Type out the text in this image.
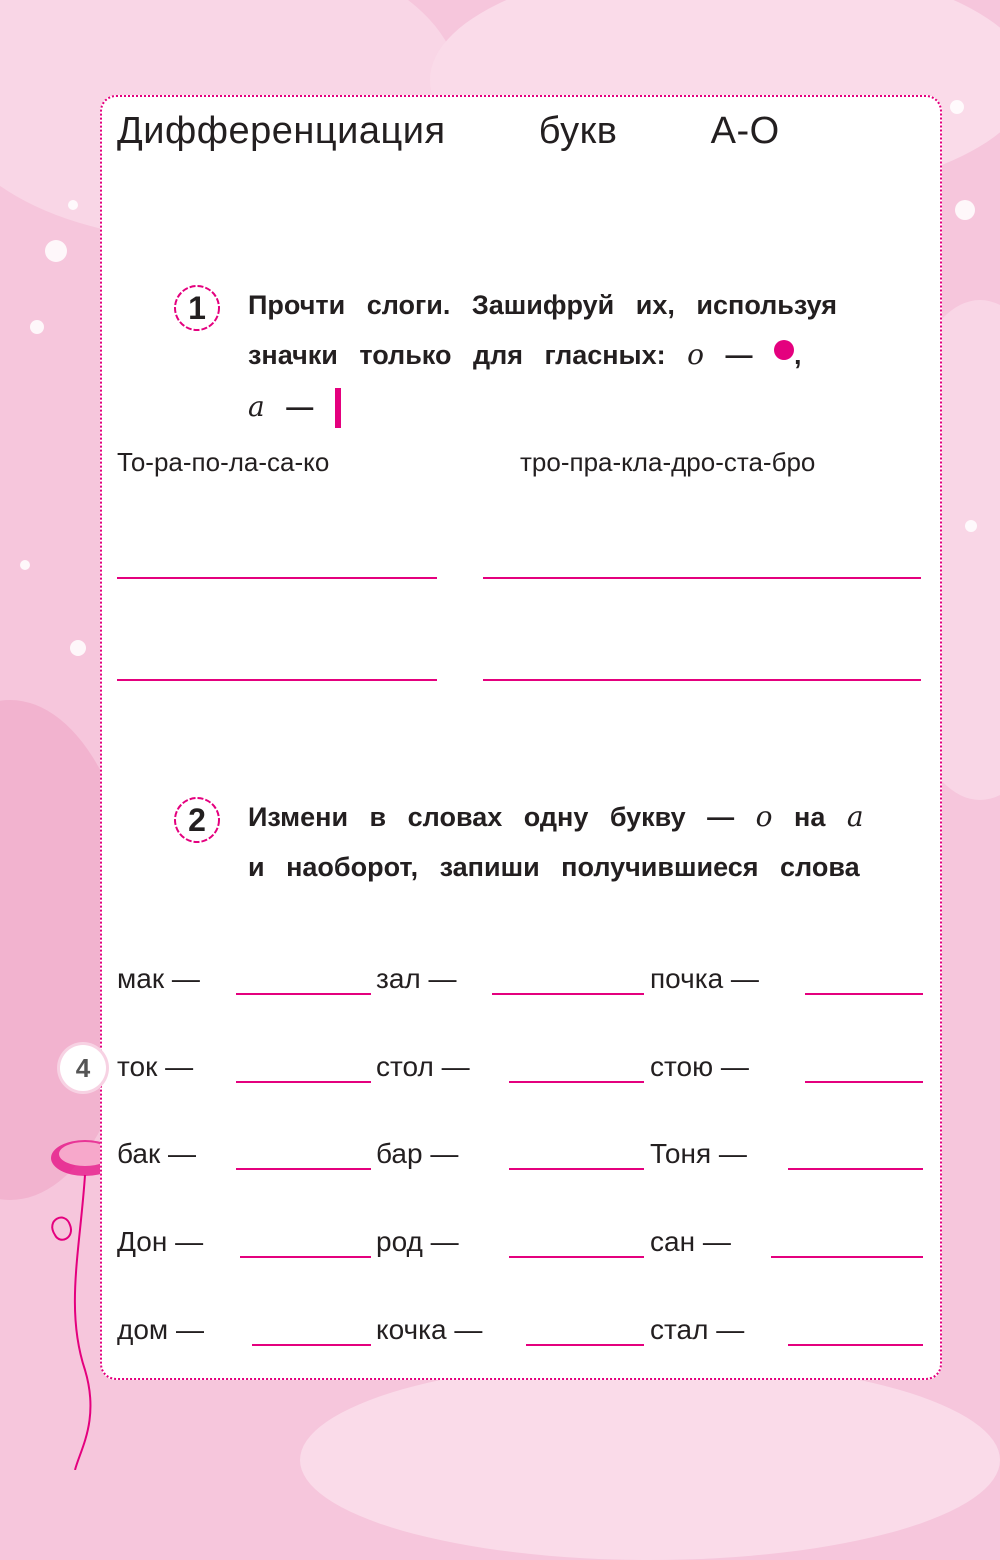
Дифференциация   букв   А-О
1 Прочти слоги. Зашифруй их, используя
значки только для гласных: о — ,
а —
То-ра-по-ла-са-ко	тро-пра-кла-дро-ста-бро
2 Измени в словах одну букву — о на а
и наоборот, запиши получившиеся слова
мак —	зал —	почка —
ток —	стол —	стою —
бак —	бар —	Тоня —
Дон —	род —	сан —
дом —	кочка —	стал —
4
